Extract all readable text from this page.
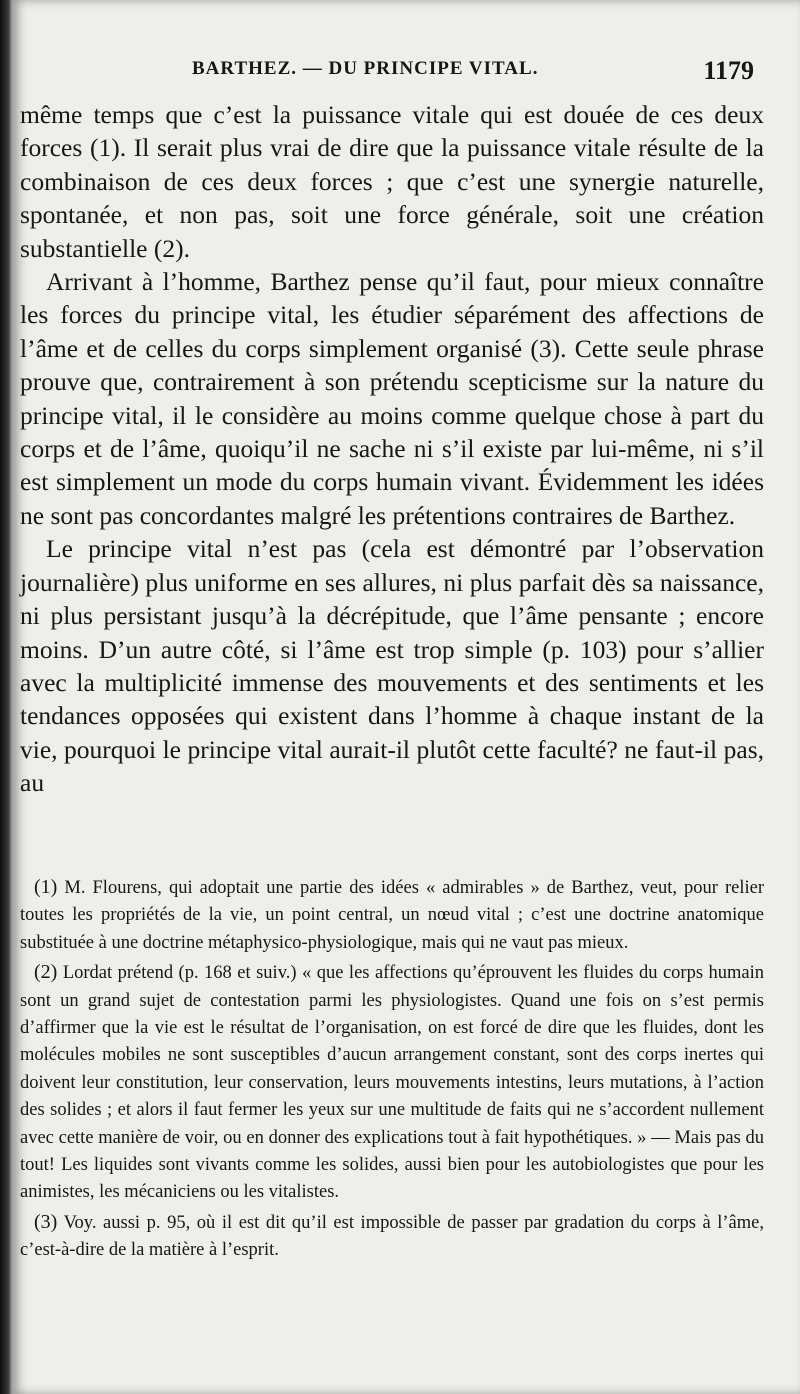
BARTHEZ. — DU PRINCIPE VITAL.	1179

même temps que c’est la puissance vitale qui est douée de ces deux forces (1). Il serait plus vrai de dire que la puissance vitale résulte de la combinaison de ces deux forces ; que c’est une synergie naturelle, spontanée, et non pas, soit une force générale, soit une création substantielle (2).

Arrivant à l’homme, Barthez pense qu’il faut, pour mieux connaître les forces du principe vital, les étudier séparément des affections de l’âme et de celles du corps simplement organisé (3). Cette seule phrase prouve que, contrairement à son prétendu scepticisme sur la nature du principe vital, il le considère au moins comme quelque chose à part du corps et de l’âme, quoiqu’il ne sache ni s’il existe par lui-même, ni s’il est simplement un mode du corps humain vivant. Évidemment les idées ne sont pas concordantes malgré les prétentions contraires de Barthez.

Le principe vital n’est pas (cela est démontré par l’observation journalière) plus uniforme en ses allures, ni plus parfait dès sa naissance, ni plus persistant jusqu’à la décrépitude, que l’âme pensante ; encore moins. D’un autre côté, si l’âme est trop simple (p. 103) pour s’allier avec la multiplicité immense des mouvements et des sentiments et les tendances opposées qui existent dans l’homme à chaque instant de la vie, pourquoi le principe vital aurait-il plutôt cette faculté? ne faut-il pas, au

(1) M. Flourens, qui adoptait une partie des idées « admirables » de Barthez, veut, pour relier toutes les propriétés de la vie, un point central, un nœud vital ; c’est une doctrine anatomique substituée à une doctrine métaphysico-physiologique, mais qui ne vaut pas mieux.

(2) Lordat prétend (p. 168 et suiv.) « que les affections qu’éprouvent les fluides du corps humain sont un grand sujet de contestation parmi les physiologistes. Quand une fois on s’est permis d’affirmer que la vie est le résultat de l’organisation, on est forcé de dire que les fluides, dont les molécules mobiles ne sont susceptibles d’aucun arrangement constant, sont des corps inertes qui doivent leur constitution, leur conservation, leurs mouvements intestins, leurs mutations, à l’action des solides ; et alors il faut fermer les yeux sur une multitude de faits qui ne s’accordent nullement avec cette manière de voir, ou en donner des explications tout à fait hypothétiques. » — Mais pas du tout! Les liquides sont vivants comme les solides, aussi bien pour les autobiologistes que pour les animistes, les mécaniciens ou les vitalistes.

(3) Voy. aussi p. 95, où il est dit qu’il est impossible de passer par gradation du corps à l’âme, c’est-à-dire de la matière à l’esprit.
